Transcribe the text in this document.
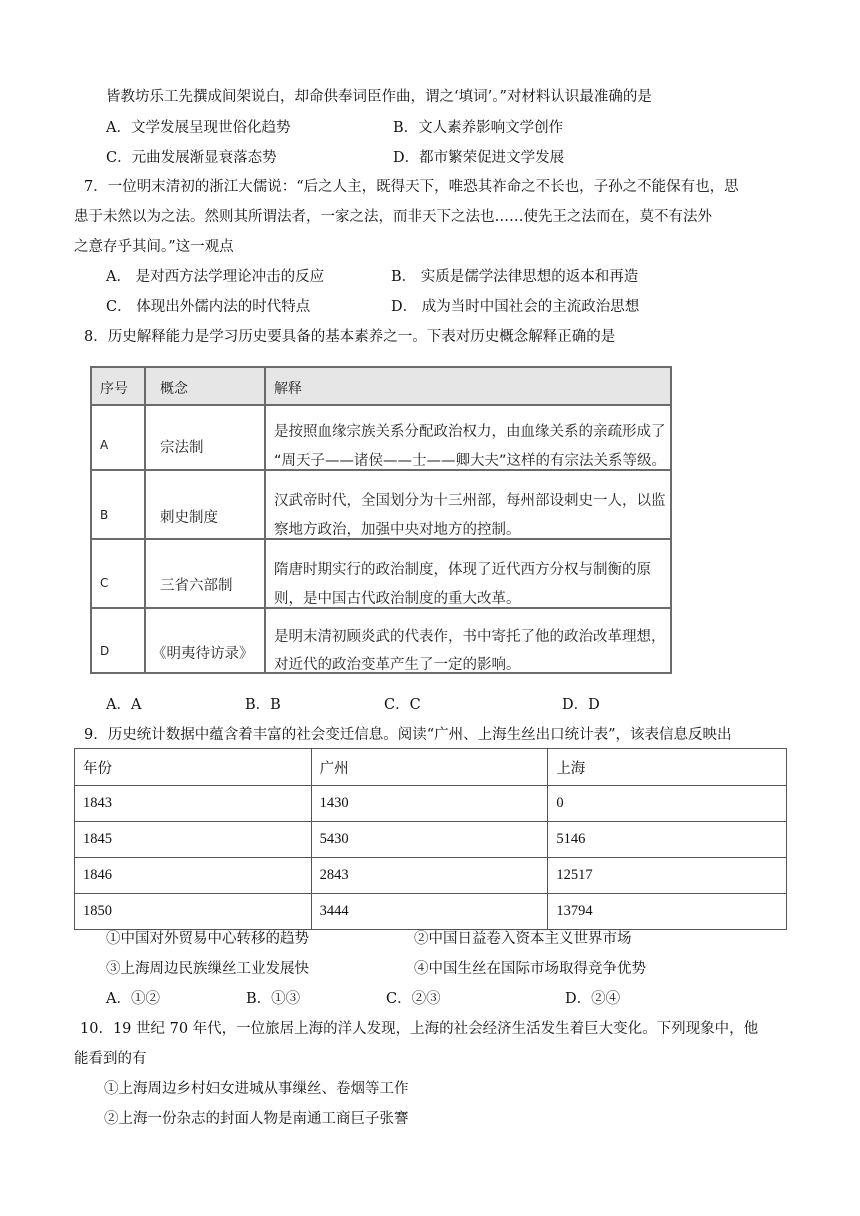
皆教坊乐工先撰成间架说白，却命供奉词臣作曲，谓之‘填词’。”对材料认识最准确的是
A．文学发展呈现世俗化趋势	B．文人素养影响文学创作
C．元曲发展渐显衰落态势	D．都市繁荣促进文学发展
7．一位明末清初的浙江大儒说：“后之人主，既得天下，唯恐其祚命之不长也，子孙之不能保有也，思
患于未然以为之法。然则其所谓法者，一家之法，而非天下之法也……使先王之法而在，莫不有法外
之意存乎其间。”这一观点
A． 是对西方法学理论冲击的反应	B． 实质是儒学法律思想的返本和再造
C． 体现出外儒内法的时代特点	D． 成为当时中国社会的主流政治思想
8．历史解释能力是学习历史要具备的基本素养之一。下表对历史概念解释正确的是
序号 概念	解释
A	宗法制
是按照血缘宗族关系分配政治权力，由血缘关系的亲疏形成了
“周天子——诸侯——士——卿大夫”这样的有宗法关系等级。
B	刺史制度
汉武帝时代，全国划分为十三州部，每州部设刺史一人，以监
察地方政治，加强中央对地方的控制。
C	三省六部制
隋唐时期实行的政治制度，体现了近代西方分权与制衡的原
则，是中国古代政治制度的重大改革。
D	《明夷待访录》
是明末清初顾炎武的代表作，书中寄托了他的政治改革理想，
对近代的政治变革产生了一定的影响。
A．A	B．B	C．C	D．D
9．历史统计数据中蕴含着丰富的社会变迁信息。阅读“广州、上海生丝出口统计表”，该表信息反映出
年份	广州	上海
1843	1430	0
1845	5430	5146
1846	2843	12517
1850	3444	13794
①中国对外贸易中心转移的趋势	②中国日益卷入资本主义世界市场
③上海周边民族缫丝工业发展快	④中国生丝在国际市场取得竞争优势
A．①②	B．①③	C．②③	D．②④
10．19 世纪 70 年代，一位旅居上海的洋人发现，上海的社会经济生活发生着巨大变化。下列现象中，他
能看到的有
①上海周边乡村妇女进城从事缫丝、卷烟等工作
②上海一份杂志的封面人物是南通工商巨子张謇
